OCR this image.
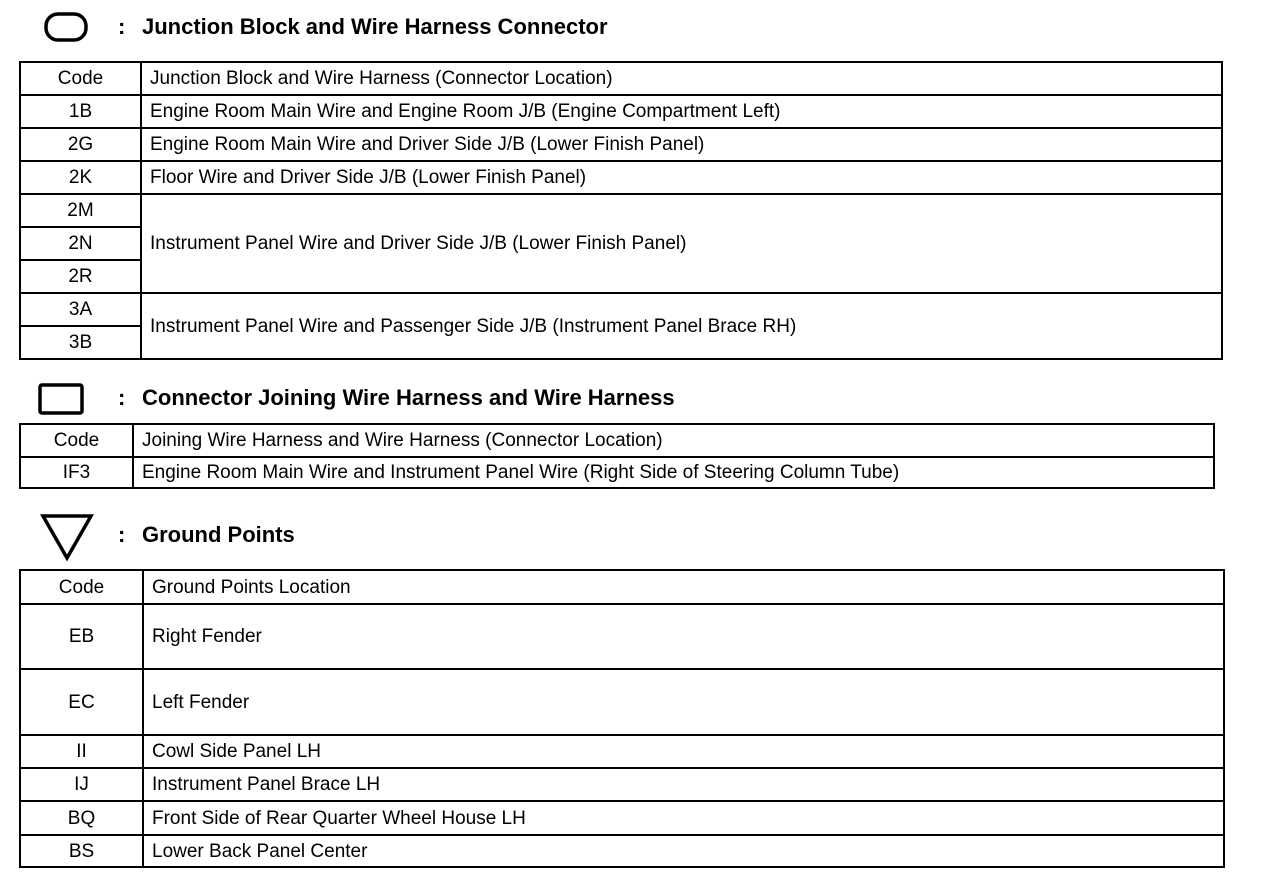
: Junction Block and Wire Harness Connector
Code	Junction Block and Wire Harness (Connector Location)
1B	Engine Room Main Wire and Engine Room J/B (Engine Compartment Left)
2G	Engine Room Main Wire and Driver Side J/B (Lower Finish Panel)
2K	Floor Wire and Driver Side J/B (Lower Finish Panel)
2M	Instrument Panel Wire and Driver Side J/B (Lower Finish Panel)
2N	
2R	
3A	Instrument Panel Wire and Passenger Side J/B (Instrument Panel Brace RH)
3B	
: Connector Joining Wire Harness and Wire Harness
Code	Joining Wire Harness and Wire Harness (Connector Location)
IF3	Engine Room Main Wire and Instrument Panel Wire (Right Side of Steering Column Tube)
: Ground Points
Code	Ground Points Location
EB	Right Fender
EC	Left Fender
II	Cowl Side Panel LH
IJ	Instrument Panel Brace LH
BQ	Front Side of Rear Quarter Wheel House LH
BS	Lower Back Panel Center
